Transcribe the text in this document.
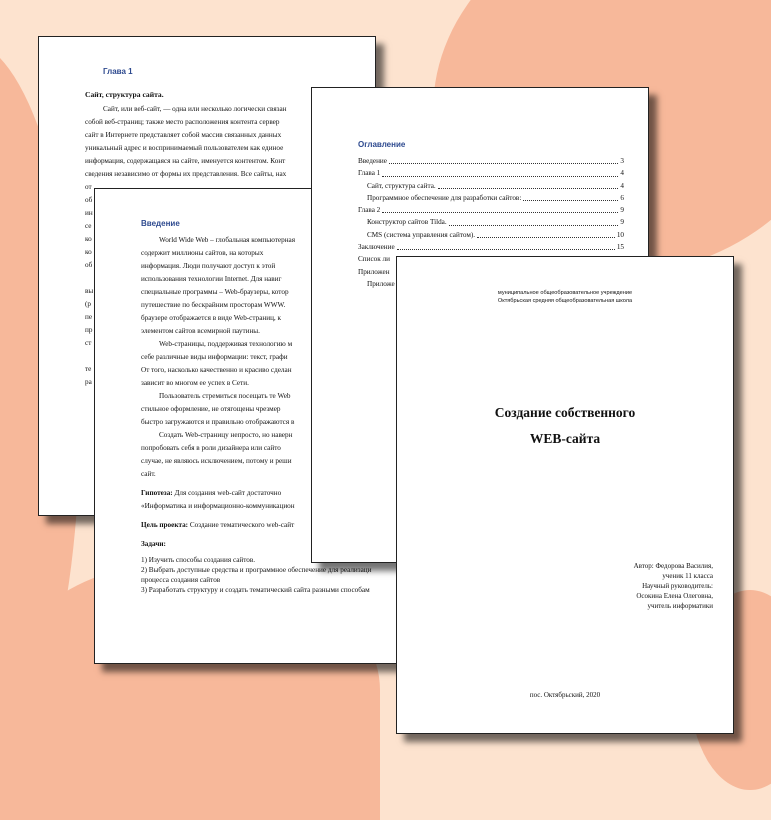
Глава 1
Сайт, структура сайта.
Сайт, или веб-сайт, — одна или несколько логически связан
собой веб-страниц; также место расположения контента сервер
сайт в Интернете представляет собой массив связанных данных
уникальный адрес и воспринимаемый пользователем как единое
информация, содержащаяся на сайте, именуется контентом. Конт
сведения независимо от формы их представления. Все сайты, нах
от
об
ин
се
ко
ко
об

вы
(р
пе
пр
ст

те
ра
Введение
World Wide Web – глобальная компьютерная
содержит миллионы сайтов, на которых
информация. Люди получают доступ к этой
использования технологии Internet. Для навиг
специальные программы – Web-браузеры, котор
путешествие по бескрайним просторам WWW.
браузере отображается в виде Web-страниц, к
элементом сайтов всемирной паутины.
Web-страницы, поддерживая технологию м
себе различные виды информации: текст, графи
От того, насколько качественно и красиво сделан
зависит во многом ее успех в Сети.
Пользователь стремиться посещать те Web
стильное оформление, не отягощены чрезмер
быстро загружаются и правильно отображаются в
Создать Web-страницу непросто, но наверн
попробовать себя в роли дизайнера или сайто
случае, не являюсь исключением, потому и реши
сайт.
Гипотеза: Для создания web-сайт достаточно
«Информатика и информационно-коммуникацион
Цель проекта: Создание тематического web-сайт
Задачи:
1) Изучить способы создания сайтов.
2) Выбрать доступные средства и программное обеспечение для реализаци
процесса создания сайтов
3) Разработать структуру и создать тематический сайта разными способам
Оглавление
Введение	3
Глава 1	4
Сайт, структура сайта.	4
Программное обеспечение для разработки сайтов:	6
Глава 2	9
Конструктор сайтов Tilda.	9
CMS (система управления сайтом).	10
Заключение	15
Список ли
Приложен
Приложе
муниципальное общеобразовательное учреждение
Октябрьская средняя общеобразовательная школа
Создание собственного
WEB-сайта
Автор: Федорова Василия,
ученик 11 класса
Научный руководитель:
Осокина Елена Олеговна,
учитель информатики
пос. Октябрьский, 2020
